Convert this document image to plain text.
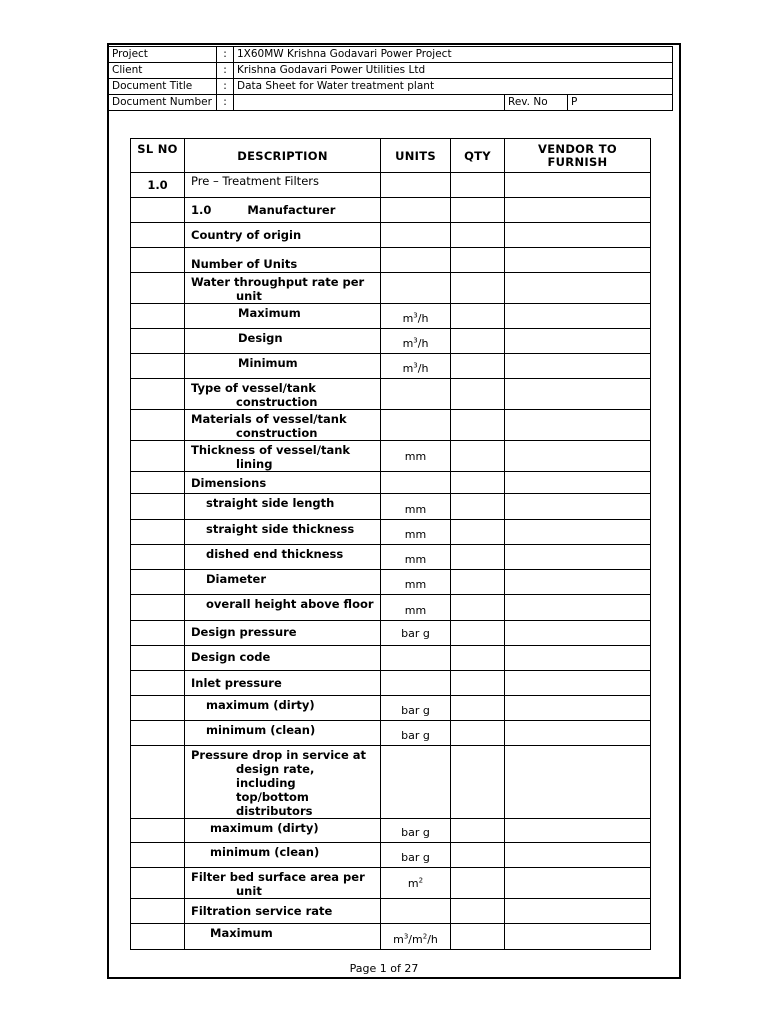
Project	:	1X60MW Krishna Godavari Power Project		
Client	:	Krishna Godavari Power Utilities Ltd		
Document Title	:	Data Sheet for Water treatment plant		
Document Number	:		Rev. No	P
SL NO	DESCRIPTION	UNITS	QTY	VENDOR TO
FURNISH
1.0	Pre – Treatment Filters			
	1.0 Manufacturer			
	Country of origin			
	Number of Units			
	Water throughput rate per
unit			

	Maximum	$m^3/h$		
	Design	$m^3/h$		
	Minimum	$m^3/h$		
	Type of vessel/tank
construction			

	Materials of vessel/tank
construction			

	Thickness of vessel/tank
lining	mm		
	Dimensions			
	straight side length	mm		
	straight side thickness	mm		
	dished end thickness	mm		
	Diameter	mm		
	overall height above floor	mm		
	Design pressure	bar g		
	Design code			
	Inlet pressure			
	maximum (dirty)	bar g		
	minimum (clean)	bar g		
	Pressure drop in service at

design rate, including
top/bottom
distributors			

	maximum (dirty)	bar g		
	minimum (clean)	bar g		
	Filter bed surface area per
unit	$m^2$		
	Filtration service rate			
	Maximum	$m^3/m^2/h$		
Page 1 of 27
